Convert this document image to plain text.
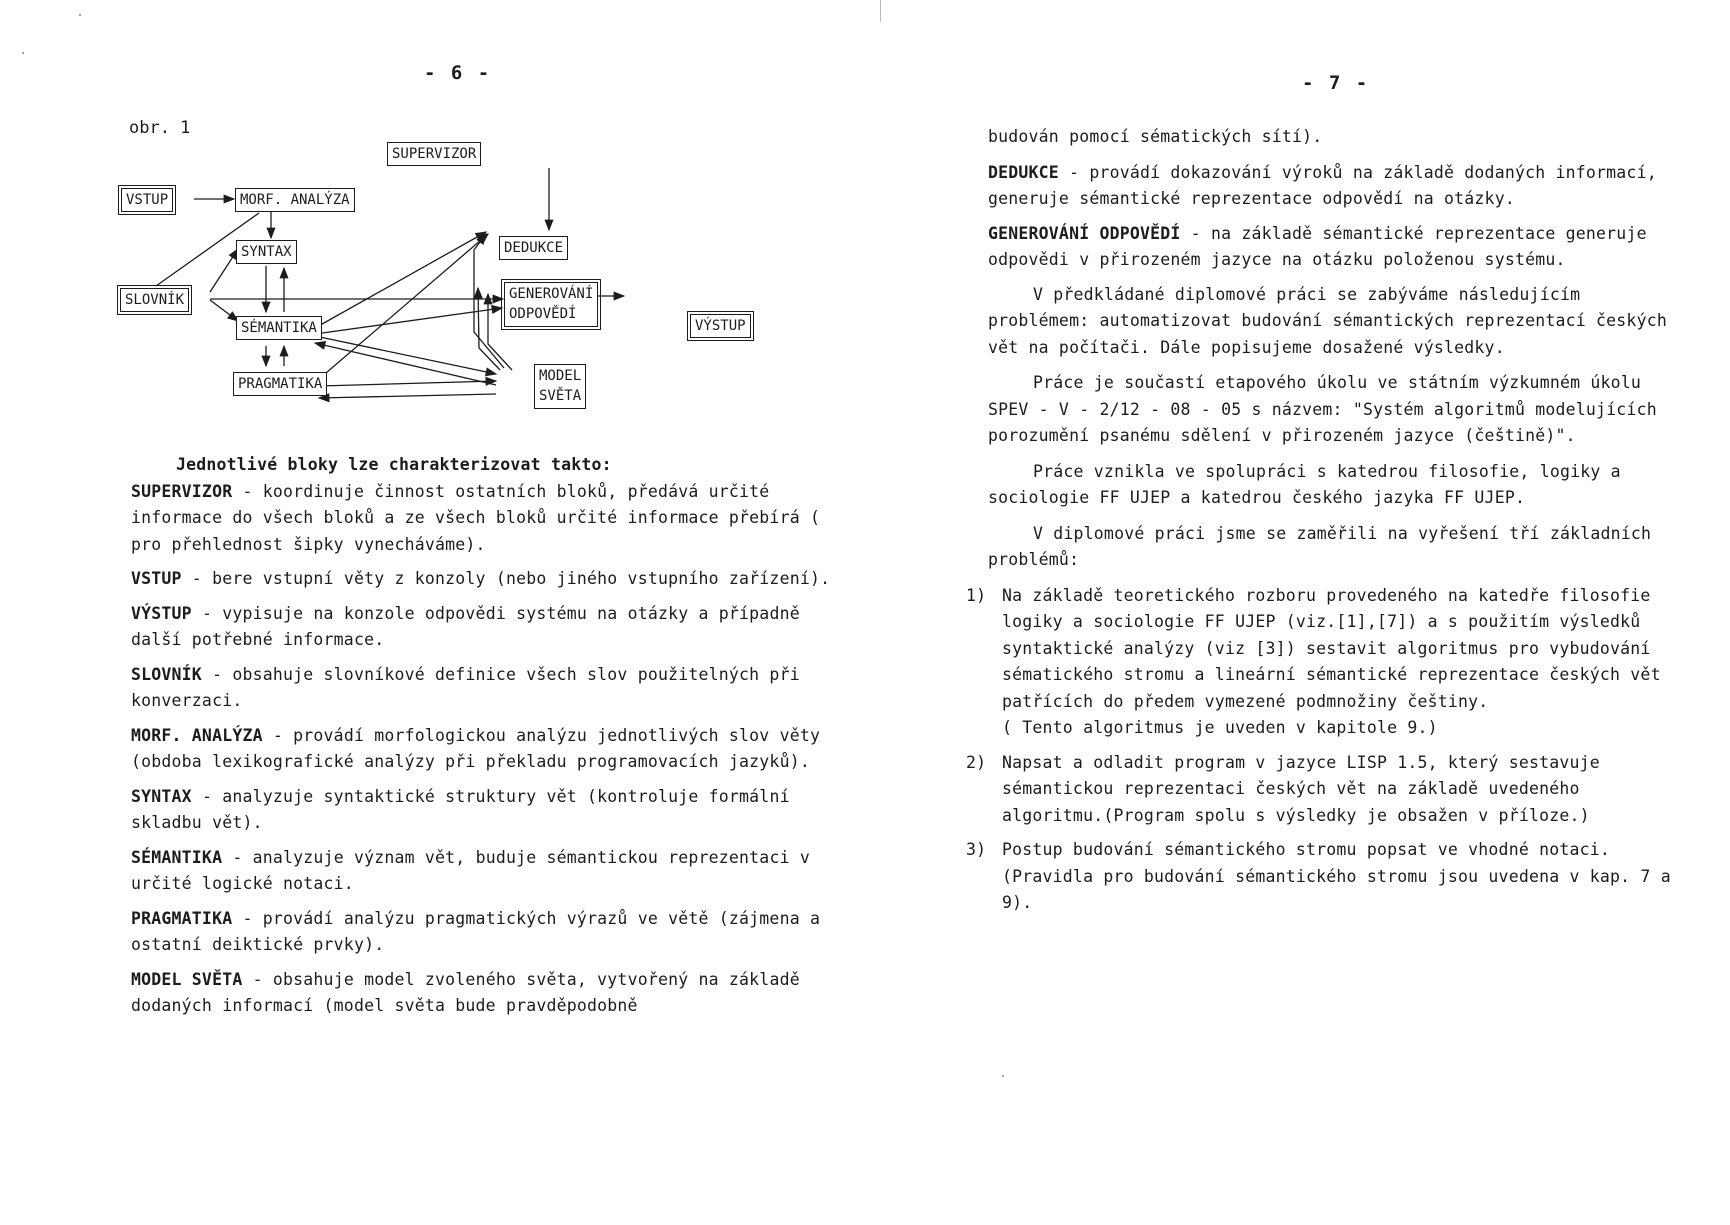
- 6 -
obr. 1
SUPERVIZOR
VSTUP	MORF. ANALÝZA
SYNTAX
SLOVNÍK
SÉMANTIKA
PRAGMATIKA
DEDUKCE
GENEROVÁNÍ
ODPOVĚDÍ
MODEL
SVĚTA
VÝSTUP

Jednotlivé bloky lze charakterizovat takto:

SUPERVIZOR - koordinuje činnost ostatních bloků, předává určité informace do všech bloků a ze všech bloků určité informace přebírá ( pro přehlednost šipky vynecháváme).

VSTUP - bere vstupní věty z konzoly (nebo jiného vstupního zařízení).

VÝSTUP - vypisuje na konzole odpovědi systému na otázky a případně další potřebné informace.

SLOVNÍK - obsahuje slovníkové definice všech slov použitelných při konverzaci.

MORF. ANALÝZA - provádí morfologickou analýzu jednotlivých slov věty (obdoba lexikografické analýzy při překladu programovacích jazyků).

SYNTAX - analyzuje syntaktické struktury vět (kontroluje formální skladbu vět).

SÉMANTIKA - analyzuje význam vět, buduje sémantickou reprezentaci v určité logické notaci.

PRAGMATIKA - provádí analýzu pragmatických výrazů ve větě (zájmena a ostatní deiktické prvky).

MODEL SVĚTA - obsahuje model zvoleného světa, vytvořený na základě dodaných informací (model světa bude pravděpodobně

- 7 -

budován pomocí sématických sítí).

DEDUKCE - provádí dokazování výroků na základě dodaných informací, generuje sémantické reprezentace odpovědí na otázky.

GENEROVÁNÍ ODPOVĚDÍ - na základě sémantické reprezentace generuje odpovědi v přirozeném jazyce na otázku položenou systému.

V předkládané diplomové práci se zabýváme následujícím problémem: automatizovat budování sémantických reprezentací českých vět na počítači. Dále popisujeme dosažené výsledky.

Práce je součastí etapového úkolu ve státním výzkumném úkolu SPEV - V - 2/12 - 08 - 05 s názvem: "Systém algoritmů modelujících porozumění psanému sdělení v přirozeném jazyce (češtině)".

Práce vznikla ve spolupráci s katedrou filosofie, logiky a sociologie FF UJEP a katedrou českého jazyka FF UJEP.

V diplomové práci jsme se zaměřili na vyřešení tří základních problémů:

1) Na základě teoretického rozboru provedeného na katedře filosofie logiky a sociologie FF UJEP (viz.[1],[7]) a s použitím výsledků syntaktické analýzy (viz [3]) sestavit algoritmus pro vybudování sématického stromu a lineární sémantické reprezentace českých vět patřících do předem vymezené podmnožiny češtiny.
( Tento algoritmus je uveden v kapitole 9.)
2) Napsat a odladit program v jazyce LISP 1.5, který sestavuje sémantickou reprezentaci českých vět na základě uvedeného algoritmu.(Program spolu s výsledky je obsažen v příloze.)
3) Postup budování sémantického stromu popsat ve vhodné notaci. (Pravidla pro budování sémantického stromu jsou uvedena v kap. 7 a 9).
